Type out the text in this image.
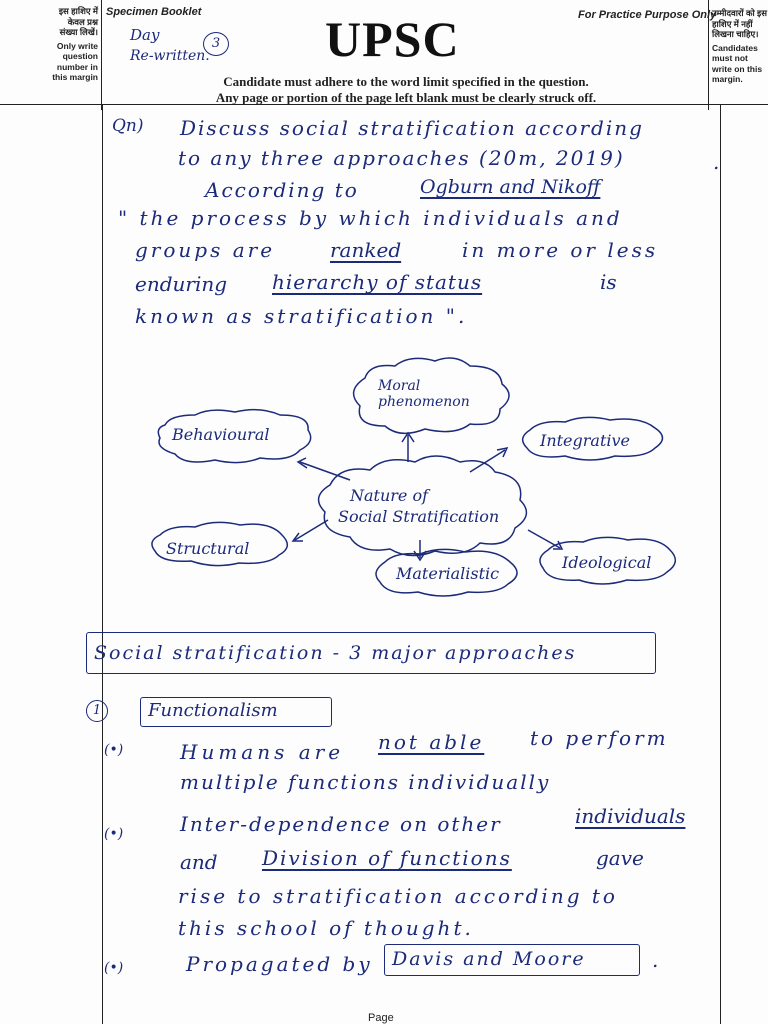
इस हाशिए में केवल प्रश्न संख्या लिखें।
Only write question number in this margin
Specimen Booklet	For Practice Purpose Only
UPSC
Candidate must adhere to the word limit specified in the question.
Any page or portion of the page left blank must be clearly struck off.
उम्मीदवारों को इस हाशिए में नहीं लिखना चाहिए।
Candidates must not write on this margin.
Day	3
Re-written.
Qn) Discuss social stratification according
to any three approaches (20m, 2019)	.
According to	Ogburn and Nikoff
" the process by which individuals and
groups are	ranked	in more or less
enduring hierarchy of status	is
known as stratification ".
Nature of
Social Stratification
Moral
phenomenon
Behavioural	Integrative
Structural
Materialistic
Ideological
Social stratification - 3 major approaches
1	Functionalism
(•)	Humans are not able to perform
multiple functions individually
(•)	Inter-dependence on other	individuals
and Division of functions	gave
rise to stratification according to
this school of thought.
(•)	Propagated by Davis and Moore	.
Page
